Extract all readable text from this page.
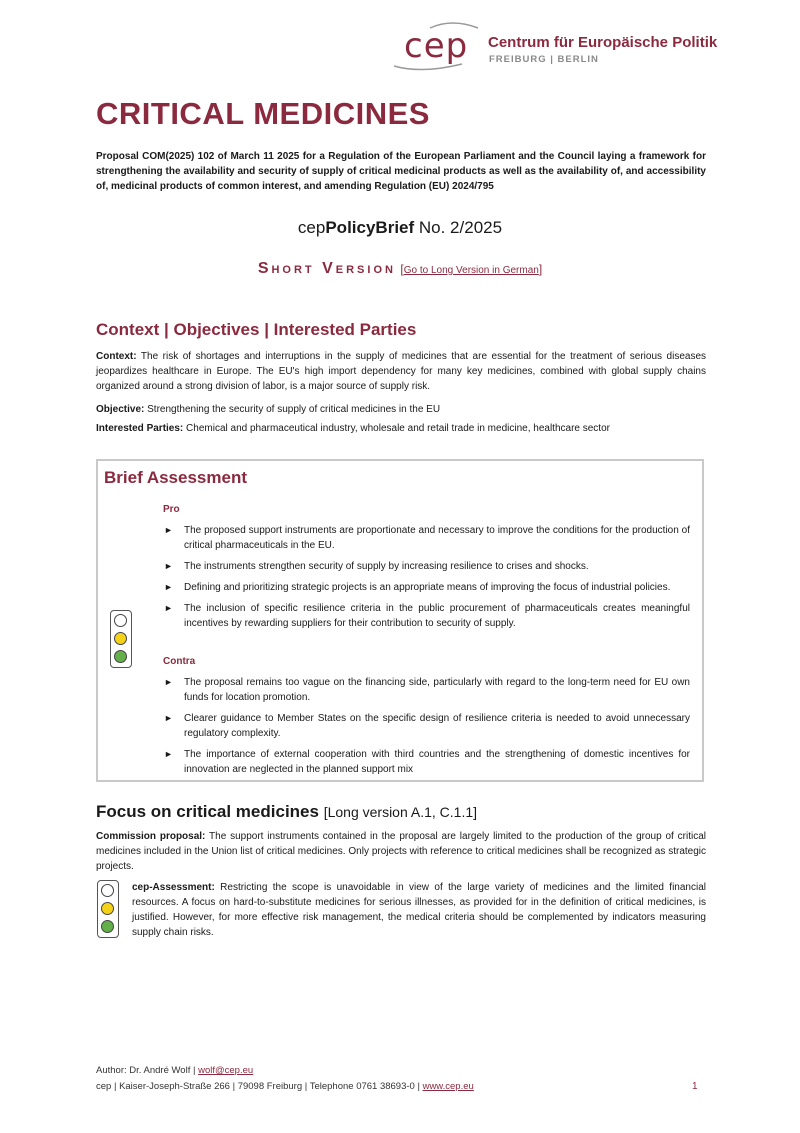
cep Centrum für Europäische Politik
FREIBURG | BERLIN
CRITICAL MEDICINES
Proposal COM(2025) 102 of March 11 2025 for a Regulation of the European Parliament and the Council laying a framework for strengthening the availability and security of supply of critical medicinal products as well as the availability of, and accessibility of, medicinal products of common interest, and amending Regulation (EU) 2024/795
cepPolicyBrief No. 2/2025
Short Version [Go to Long Version in German]
Context | Objectives | Interested Parties
Context: The risk of shortages and interruptions in the supply of medicines that are essential for the treatment of serious diseases jeopardizes healthcare in Europe. The EU's high import dependency for many key medicines, combined with global supply chains organized around a strong division of labor, is a major source of supply risk.
Objective: Strengthening the security of supply of critical medicines in the EU
Interested Parties: Chemical and pharmaceutical industry, wholesale and retail trade in medicine, healthcare sector
Brief Assessment
Pro
► The proposed support instruments are proportionate and necessary to improve the conditions for the production of critical pharmaceuticals in the EU.
► The instruments strengthen security of supply by increasing resilience to crises and shocks.
► Defining and prioritizing strategic projects is an appropriate means of improving the focus of industrial policies.
► The inclusion of specific resilience criteria in the public procurement of pharmaceuticals creates meaningful incentives by rewarding suppliers for their contribution to security of supply.
Contra
► The proposal remains too vague on the financing side, particularly with regard to the long-term need for EU own funds for location promotion.
► Clearer guidance to Member States on the specific design of resilience criteria is needed to avoid unnecessary regulatory complexity.
► The importance of external cooperation with third countries and the strengthening of domestic incentives for innovation are neglected in the planned support mix
Focus on critical medicines [Long version A.1, C.1.1]
Commission proposal: The support instruments contained in the proposal are largely limited to the production of the group of critical medicines included in the Union list of critical medicines. Only projects with reference to critical medicines shall be recognized as strategic projects.
cep-Assessment: Restricting the scope is unavoidable in view of the large variety of medicines and the limited financial resources. A focus on hard-to-substitute medicines for serious illnesses, as provided for in the definition of critical medicines, is justified. However, for more effective risk management, the medical criteria should be complemented by indicators measuring supply chain risks.
Author: Dr. André Wolf | wolf@cep.eu
cep | Kaiser-Joseph-Straße 266 | 79098 Freiburg | Telephone 0761 38693-0 | www.cep.eu	1
